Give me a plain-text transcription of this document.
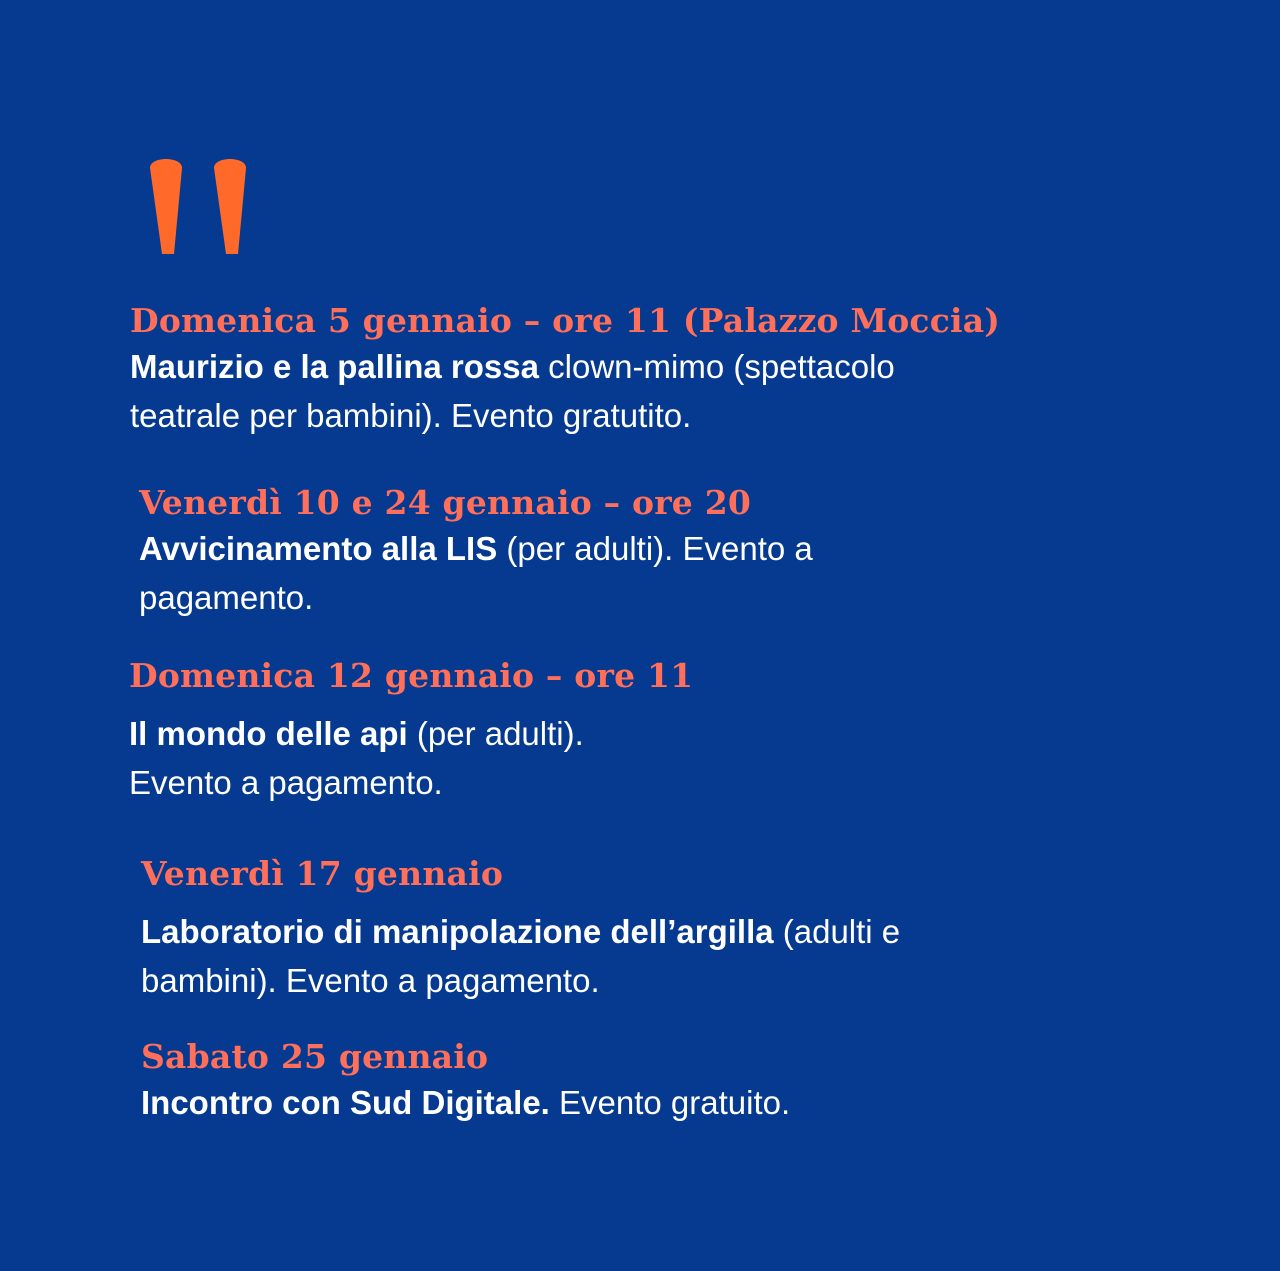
Domenica 5 gennaio – ore 11 (Palazzo Moccia)

Maurizio e la pallina rossa clown-mimo (spettacolo teatrale per bambini). Evento gratutito.

Venerdì 10 e 24 gennaio – ore 20

Avvicinamento alla LIS (per adulti). Evento a pagamento.

Domenica 12 gennaio – ore 11

Il mondo delle api (per adulti).
Evento a pagamento.

Venerdì 17 gennaio

Laboratorio di manipolazione dell’argilla (adulti e bambini). Evento a pagamento.

Sabato 25 gennaio

Incontro con Sud Digitale. Evento gratuito.
